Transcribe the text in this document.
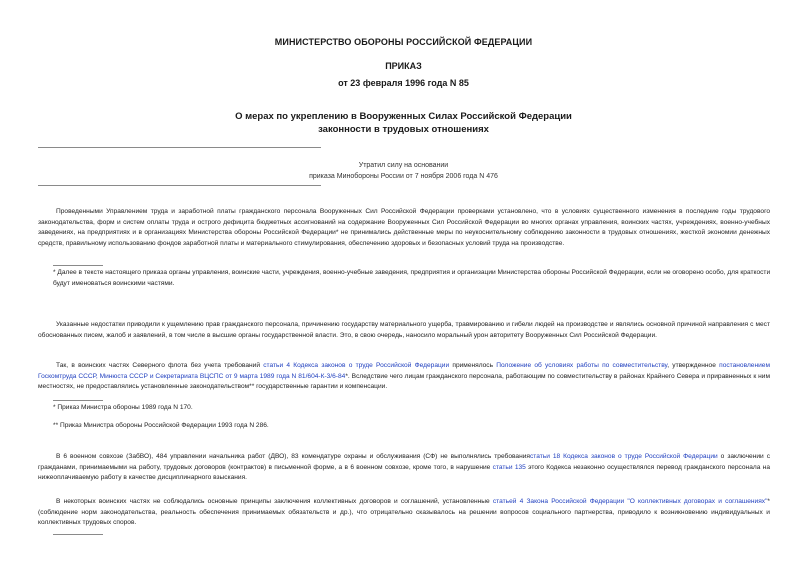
МИНИСТЕРСТВО ОБОРОНЫ РОССИЙСКОЙ ФЕДЕРАЦИИ
ПРИКАЗ
от 23 февраля 1996 года N 85
О мерах по укреплению в Вооруженных Силах Российской Федерации
законности в трудовых отношениях
Утратил силу на основании
приказа Минобороны России от 7 ноября 2006 года N 476
Проведенными Управлением труда и заработной платы гражданского персонала Вооруженных Сил Российской Федерации проверками установлено, что в условиях существенного изменения в последние годы трудового законодательства, форм и систем оплаты труда и острого дефицита бюджетных ассигнований на содержание Вооруженных Сил Российской Федерации во многих органах управления, воинских частях, учреждениях, военно-учебных заведениях, на предприятиях и в организациях Министерства обороны Российской Федерации* не принимались действенные меры по неукоснительному соблюдению законности в трудовых отношениях, жесткой экономии денежных средств, правильному использованию фондов заработной платы и материального стимулирования, обеспечению здоровых и безопасных условий труда на производстве.
* Далее в тексте настоящего приказа органы управления, воинские части, учреждения, военно-учебные заведения, предприятия и организации Министерства обороны Российской Федерации, если не оговорено особо, для краткости будут именоваться воинскими частями.
Указанные недостатки приводили к ущемлению прав гражданского персонала, причинению государству материального ущерба, травмированию и гибели людей на производстве и являлись основной причиной направления с мест обоснованных писем, жалоб и заявлений, в том числе в высшие органы государственной власти. Это, в свою очередь, наносило моральный урон авторитету Вооруженных Сил Российской Федерации.
Так, в воинских частях Северного флота без учета требований статьи 4 Кодекса законов о труде Российской Федерации применялось Положение об условиях работы по совместительству, утвержденное постановлением Госкомтруда СССР, Минюста СССР и Секретариата ВЦСПС от 9 марта 1989 года N 81/604-К-3/6-84*. Вследствие чего лицам гражданского персонала, работающим по совместительству в районах Крайнего Севера и приравненных к ним местностях, не предоставлялись установленные законодательством** государственные гарантии и компенсации.
* Приказ Министра обороны 1989 года N 170.
** Приказ Министра обороны Российской Федерации 1993 года N 286.
В 6 военном совхозе (ЗабВО), 484 управлении начальника работ (ДВО), 83 комендатуре охраны и обслуживания (СФ) не выполнялись требованиястатьи 18 Кодекса законов о труде Российской Федерации о заключении с гражданами, принимаемыми на работу, трудовых договоров (контрактов) в письменной форме, а в 6 военном совхозе, кроме того, в нарушение статьи 135 этого Кодекса незаконно осуществлялся перевод гражданского персонала на нижеоплачиваемую работу в качестве дисциплинарного взыскания.
В некоторых воинских частях не соблюдались основные принципы заключения коллективных договоров и соглашений, установленные статьей 4 Закона Российской Федерации "О коллективных договорах и соглашениях"* (соблюдение норм законодательства, реальность обеспечения принимаемых обязательств и др.), что отрицательно сказывалось на решении вопросов социального партнерства, приводило к возникновению индивидуальных и коллективных трудовых споров.
